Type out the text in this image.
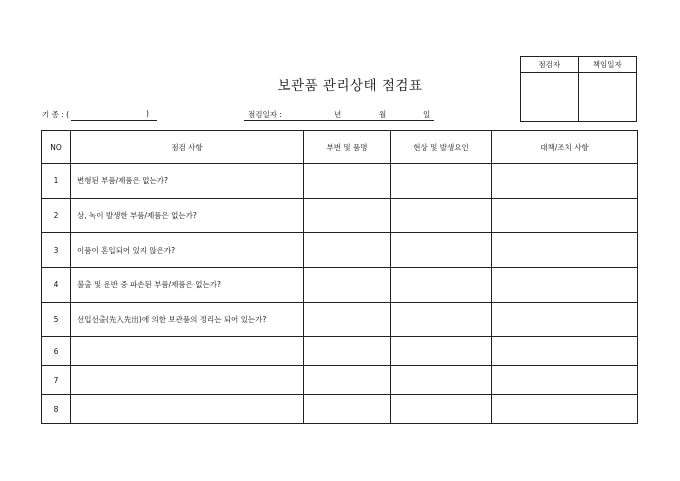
보관품 관리상태 점검표
점검자	책임일자
기 종 : (	)	점검일자 :	년	월	일
NO	점검 사항	부번 및 품명	현상 및 발생요인	대책/조치 사항
1	변형된 부품/제품은 없는가?			
2	상, 녹이 발생한 부품/제품은 없는가?			
3	이품이 혼입되어 있지 않은가?			
4	불출 및 운반 중 파손된 부품/제품은 없는가?			
5	선입선출(先入先出)에 의한 보관품의 정리는 되어 있는가?			
6				
7				
8				
